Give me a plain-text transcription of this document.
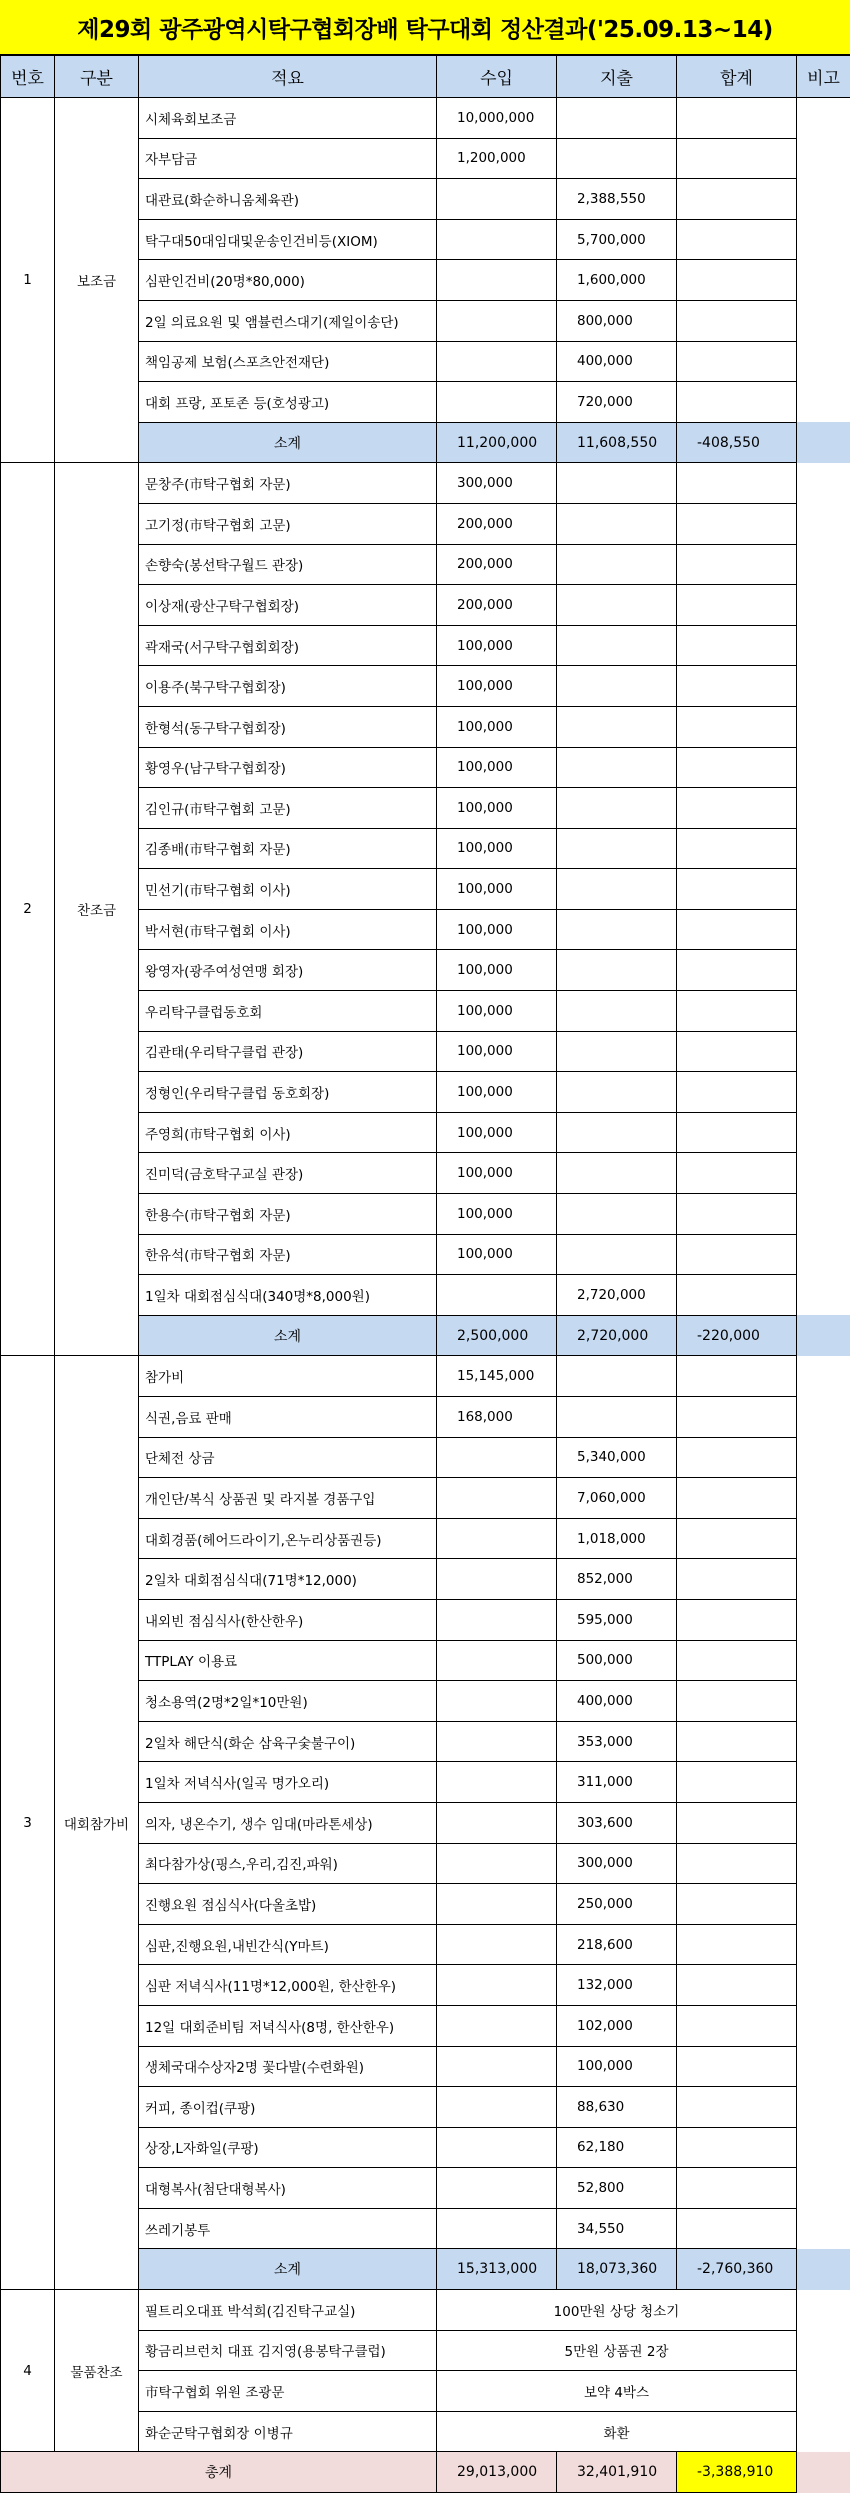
제29회 광주광역시탁구협회장배 탁구대회 정산결과('25.09.13~14)
번호	구분	적요	수입	지출	합계	비고
1	보조금	시체육회보조금	10,000,000			
		자부담금	1,200,000			
		대관료(화순하니움체육관)		2,388,550		
		탁구대50대임대및운송인건비등(XIOM)		5,700,000		
		심판인건비(20명*80,000)		1,600,000		
		2일 의료요원 및 앰뷸런스대기(제일이송단)		800,000		
		책임공제 보험(스포츠안전재단)		400,000		
		대회 프랑, 포토존 등(호성광고)		720,000		
		소계	11,200,000	11,608,550	-408,550	
2	찬조금	문창주(市탁구협회 자문)	300,000			
		고기정(市탁구협회 고문)	200,000			
		손향숙(봉선탁구월드 관장)	200,000			
		이상재(광산구탁구협회장)	200,000			
		곽재국(서구탁구협회회장)	100,000			
		이용주(북구탁구협회장)	100,000			
		한형석(동구탁구협회장)	100,000			
		황영우(남구탁구협회장)	100,000			
		김인규(市탁구협회 고문)	100,000			
		김종배(市탁구협회 자문)	100,000			
		민선기(市탁구협회 이사)	100,000			
		박서현(市탁구협회 이사)	100,000			
		왕영자(광주여성연맹 회장)	100,000			
		우리탁구클럽동호회	100,000			
		김관태(우리탁구클럽 관장)	100,000			
		정형인(우리탁구클럽 동호회장)	100,000			
		주영희(市탁구협회 이사)	100,000			
		진미덕(금호탁구교실 관장)	100,000			
		한용수(市탁구협회 자문)	100,000			
		한유석(市탁구협회 자문)	100,000			
		1일차 대회점심식대(340명*8,000원)		2,720,000		
		소계	2,500,000	2,720,000	-220,000	
3	대회참가비	참가비	15,145,000			
		식권,음료 판매	168,000			
		단체전 상금		5,340,000		
		개인단/복식 상품권 및 라지볼 경품구입		7,060,000		
		대회경품(헤어드라이기,온누리상품권등)		1,018,000		
		2일차 대회점심식대(71명*12,000)		852,000		
		내외빈 점심식사(한산한우)		595,000		
		TTPLAY 이용료		500,000		
		청소용역(2명*2일*10만원)		400,000		
		2일차 해단식(화순 삼육구숯불구이)		353,000		
		1일차 저녁식사(일곡 명가오리)		311,000		
		의자, 냉온수기, 생수 임대(마라톤세상)		303,600		
		최다참가상(핑스,우리,김진,파워)		300,000		
		진행요원 점심식사(다올초밥)		250,000		
		심판,진행요원,내빈간식(Y마트)		218,600		
		심판 저녁식사(11명*12,000원, 한산한우)		132,000		
		12일 대회준비팀 저녁식사(8명, 한산한우)		102,000		
		생체국대수상자2명 꽃다발(수련화원)		100,000		
		커피, 종이컵(쿠팡)		88,630		
		상장,L자화일(쿠팡)		62,180		
		대형복사(첨단대형복사)		52,800		
		쓰레기봉투		34,550		
		소계	15,313,000	18,073,360	-2,760,360	
4	물품찬조	필트리오대표 박석희(김진탁구교실)	100만원 상당 청소기			
		황금리브런치 대표 김지영(용봉탁구클럽)	5만원 상품권 2장			
		市탁구협회 위원 조광문	보약 4박스			
		화순군탁구협회장 이병규	화환			
총계			29,013,000	32,401,910	-3,388,910	
